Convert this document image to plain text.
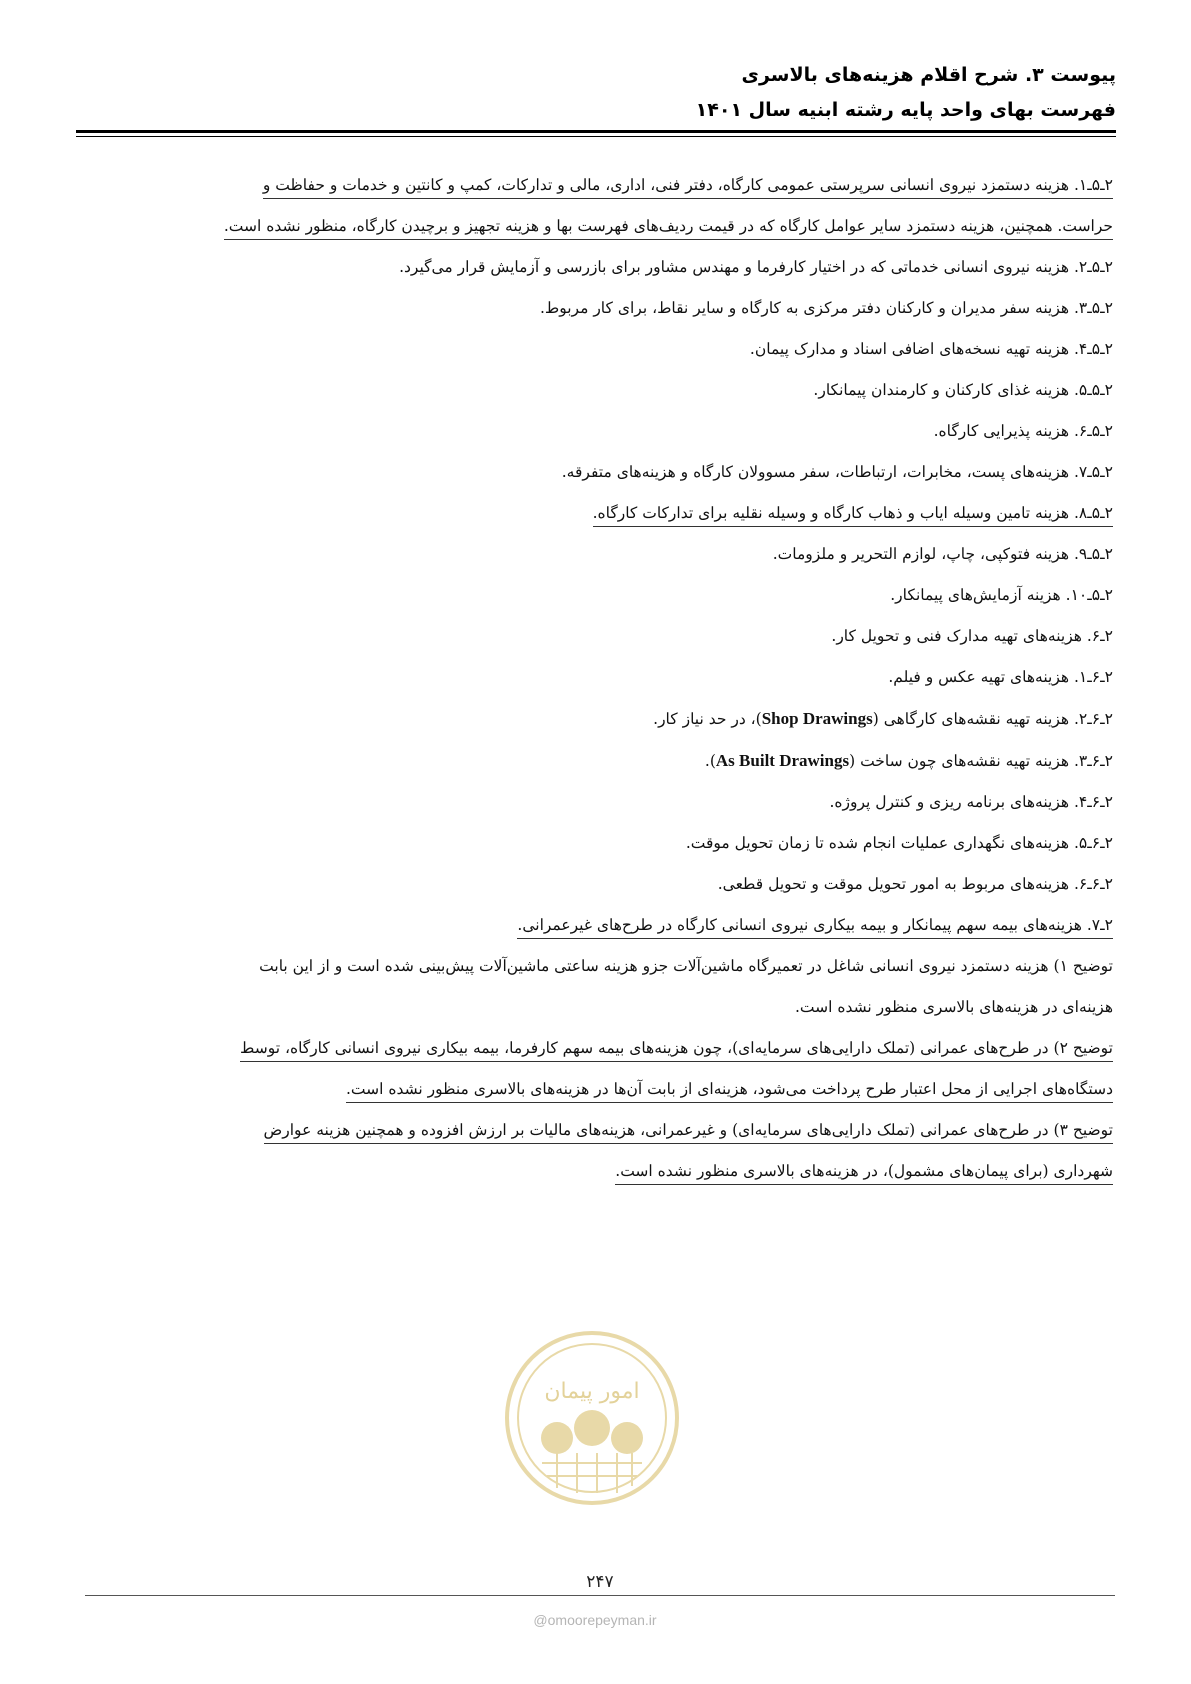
پیوست ۳. شرح اقلام هزینه‌های بالاسری
فهرست بهای واحد پایه رشته ابنیه سال ۱۴۰۱
۲ـ۵ـ۱. هزینه دستمزد نیروی انسانی سرپرستی عمومی کارگاه، دفتر فنی، اداری، مالی و تدارکات، کمپ و کانتین و خدمات و حفاظت و
حراست. همچنین، هزینه دستمزد سایر عوامل کارگاه که در قیمت ردیف‌های فهرست بها و هزینه تجهیز و برچیدن کارگاه، منظور نشده است.
۲ـ۵ـ۲. هزینه نیروی انسانی خدماتی که در اختیار کارفرما و مهندس مشاور برای بازرسی و آزمایش قرار می‌گیرد.
۲ـ۵ـ۳. هزینه سفر مدیران و کارکنان دفتر مرکزی به کارگاه و سایر نقاط، برای کار مربوط.
۲ـ۵ـ۴. هزینه تهیه نسخه‌های اضافی اسناد و مدارک پیمان.
۲ـ۵ـ۵. هزینه غذای کارکنان و کارمندان پیمانکار.
۲ـ۵ـ۶. هزینه پذیرایی کارگاه.
۲ـ۵ـ۷. هزینه‌های پست، مخابرات، ارتباطات، سفر مسوولان کارگاه و هزینه‌های متفرقه.
۲ـ۵ـ۸. هزینه تامین وسیله ایاب و ذهاب کارگاه و وسیله نقلیه برای تدارکات کارگاه.
۲ـ۵ـ۹. هزینه فتوکپی، چاپ، لوازم التحریر و ملزومات.
۲ـ۵ـ۱۰. هزینه آزمایش‌های پیمانکار.
۲ـ۶. هزینه‌های تهیه مدارک فنی و تحویل کار.
۲ـ۶ـ۱. هزینه‌های تهیه عکس و فیلم.
۲ـ۶ـ۲. هزینه تهیه نقشه‌های کارگاهی (Shop Drawings)، در حد نیاز کار.
۲ـ۶ـ۳. هزینه تهیه نقشه‌های چون ساخت (As Built Drawings).
۲ـ۶ـ۴. هزینه‌های برنامه ریزی و کنترل پروژه.
۲ـ۶ـ۵. هزینه‌های نگهداری عملیات انجام شده تا زمان تحویل موقت.
۲ـ۶ـ۶. هزینه‌های مربوط به امور تحویل موقت و تحویل قطعی.
۲ـ۷. هزینه‌های بیمه سهم پیمانکار و بیمه بیکاری نیروی انسانی کارگاه در طرح‌های غیرعمرانی.
توضیح ۱) هزینه دستمزد نیروی انسانی شاغل در تعمیرگاه ماشین‌آلات جزو هزینه ساعتی ماشین‌آلات پیش‌بینی شده است و از این بابت
هزینه‌ای در هزینه‌های بالاسری منظور نشده است.
توضیح ۲) در طرح‌های عمرانی (تملک دارایی‌های سرمایه‌ای)، چون هزینه‌های بیمه سهم کارفرما، بیمه بیکاری نیروی انسانی کارگاه، توسط
دستگاه‌های اجرایی از محل اعتبار طرح پرداخت می‌شود، هزینه‌ای از بابت آن‌ها در هزینه‌های بالاسری منظور نشده است.
توضیح ۳) در طرح‌های عمرانی (تملک دارایی‌های سرمایه‌ای) و غیرعمرانی، هزینه‌های مالیات بر ارزش افزوده و همچنین هزینه عوارض
شهرداری (برای پیمان‌های مشمول)، در هزینه‌های بالاسری منظور نشده است.
امور پیمان
۲۴۷
@omoorepeyman.ir
